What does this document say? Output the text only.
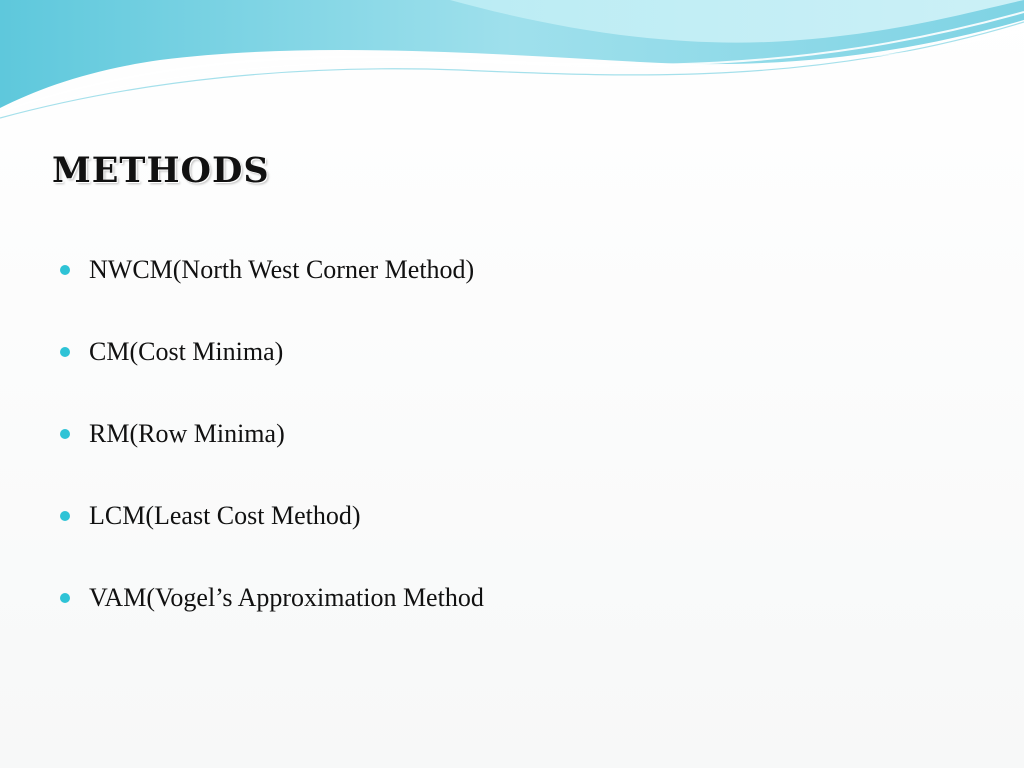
methods
NWCM(North West Corner Method)
CM(Cost Minima)
RM(Row Minima)
LCM(Least Cost Method)
VAM(Vogel’s Approximation Method
